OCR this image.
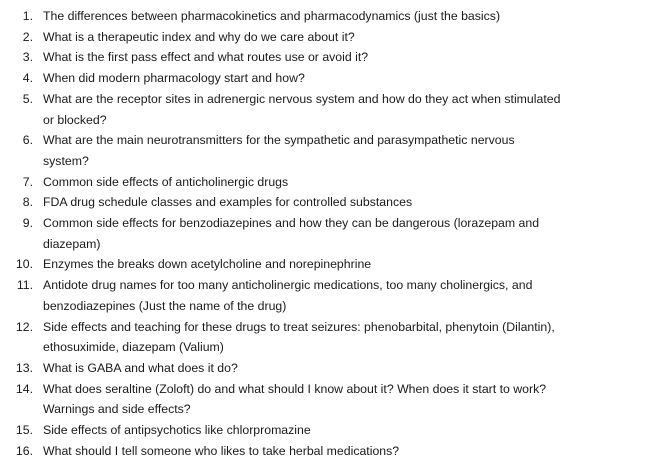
1. The differences between pharmacokinetics and pharmacodynamics (just the basics)
2. What is a therapeutic index and why do we care about it?
3. What is the first pass effect and what routes use or avoid it?
4. When did modern pharmacology start and how?
5. What are the receptor sites in adrenergic nervous system and how do they act when stimulated
or blocked?
6. What are the main neurotransmitters for the sympathetic and parasympathetic nervous
system?
7. Common side effects of anticholinergic drugs
8. FDA drug schedule classes and examples for controlled substances
9. Common side effects for benzodiazepines and how they can be dangerous (lorazepam and
diazepam)
10. Enzymes the breaks down acetylcholine and norepinephrine
11. Antidote drug names for too many anticholinergic medications, too many cholinergics, and
benzodiazepines (Just the name of the drug)
12. Side effects and teaching for these drugs to treat seizures: phenobarbital, phenytoin (Dilantin),
ethosuximide, diazepam (Valium)
13. What is GABA and what does it do?
14. What does seraltine (Zoloft) do and what should I know about it? When does it start to work?
Warnings and side effects?
15. Side effects of antipsychotics like chlorpromazine
16. What should I tell someone who likes to take herbal medications?
